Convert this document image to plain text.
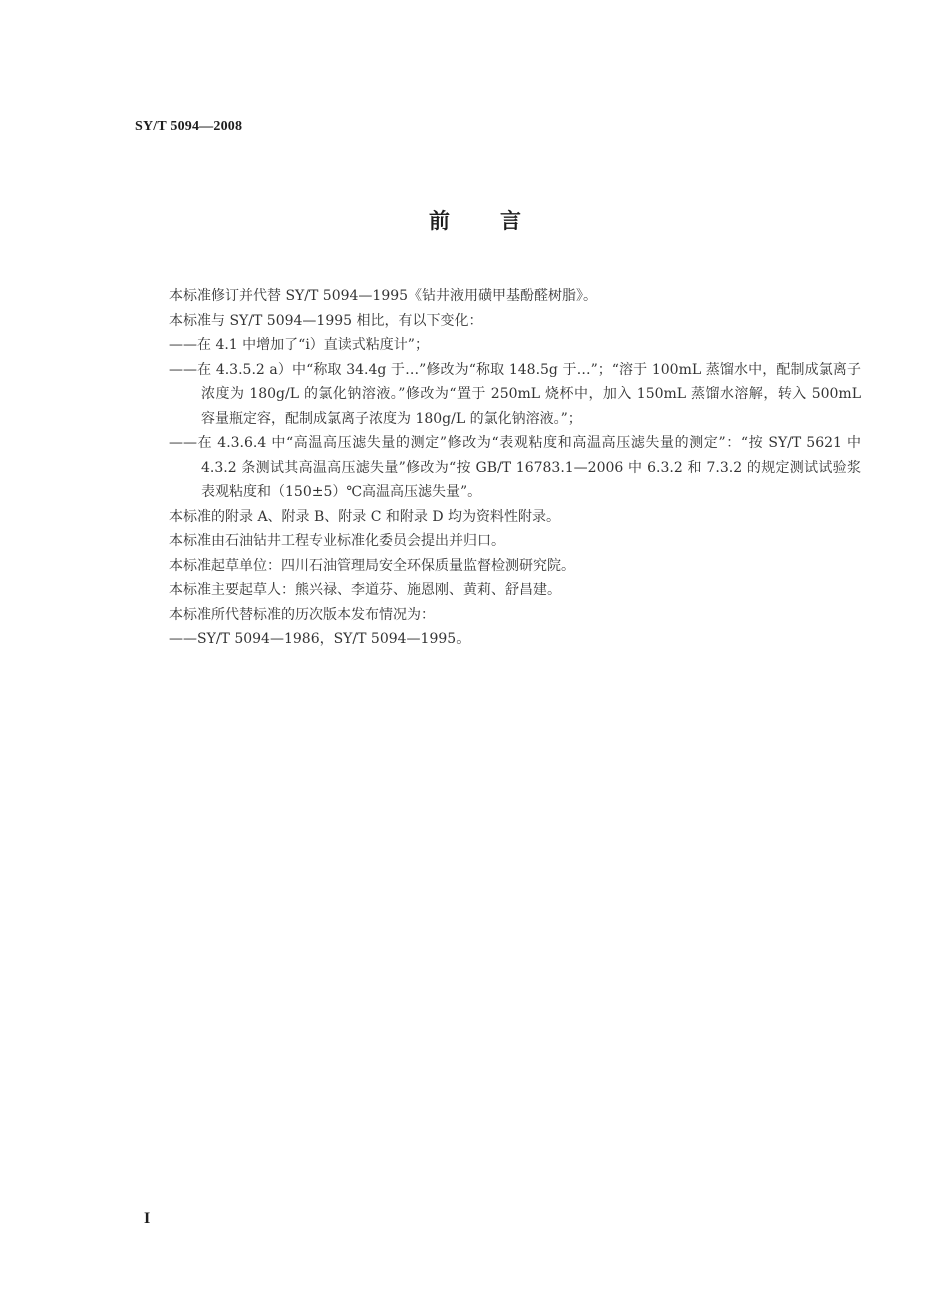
SY/T 5094—2008
前言

本标准修订并代替 SY/T 5094—1995《钻井液用磺甲基酚醛树脂》。

本标准与 SY/T 5094—1995 相比，有以下变化：

——在 4.1 中增加了“i）直读式粘度计”；

——在 4.3.5.2 a）中“称取 34.4g 于…”修改为“称取 148.5g 于…”；“溶于 100mL 蒸馏水中，配制成氯离子浓度为 180g/L 的氯化钠溶液。”修改为“置于 250mL 烧杯中，加入 150mL 蒸馏水溶解，转入 500mL 容量瓶定容，配制成氯离子浓度为 180g/L 的氯化钠溶液。”；

——在 4.3.6.4 中“高温高压滤失量的测定”修改为“表观粘度和高温高压滤失量的测定”：“按 SY/T 5621 中 4.3.2 条测试其高温高压滤失量”修改为“按 GB/T 16783.1—2006 中 6.3.2 和 7.3.2 的规定测试试验浆表观粘度和（150±5）℃高温高压滤失量”。

本标准的附录 A、附录 B、附录 C 和附录 D 均为资料性附录。

本标准由石油钻井工程专业标准化委员会提出并归口。

本标准起草单位：四川石油管理局安全环保质量监督检测研究院。

本标准主要起草人：熊兴禄、李道芬、施恩刚、黄莉、舒昌建。

本标准所代替标准的历次版本发布情况为：

——SY/T 5094—1986，SY/T 5094—1995。

I
